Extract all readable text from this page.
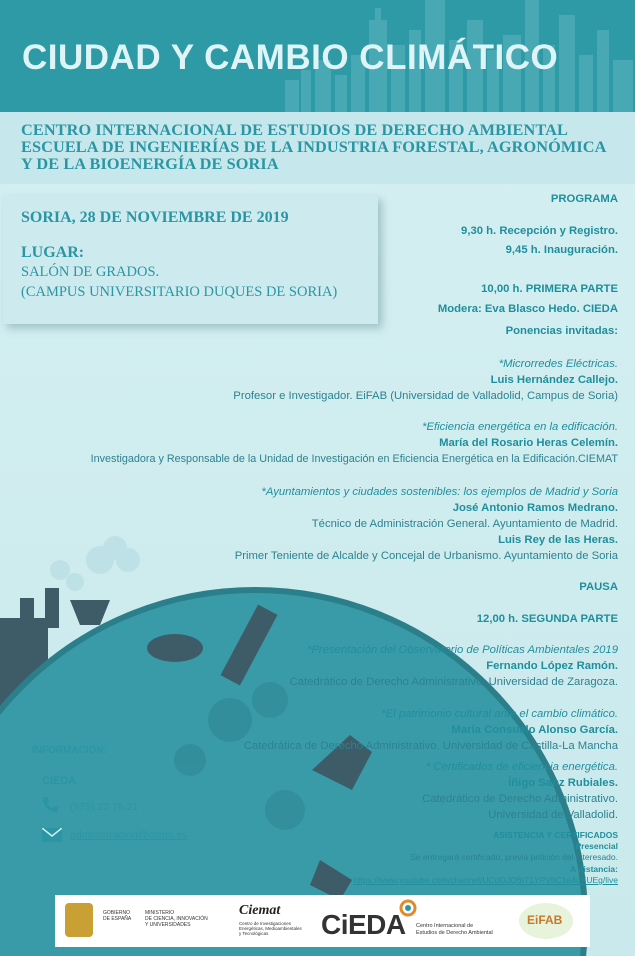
CIUDAD Y CAMBIO CLIMÁTICO
CENTRO INTERNACIONAL DE ESTUDIOS DE DERECHO AMBIENTAL
ESCUELA DE INGENIERÍAS DE LA INDUSTRIA FORESTAL, AGRONÓMICA
Y DE LA BIOENERGÍA DE SORIA
SORIA, 28 DE NOVIEMBRE DE 2019
LUGAR:
SALÓN DE GRADOS.
(CAMPUS UNIVERSITARIO DUQUES DE SORIA)
PROGRAMA
9,30 h. Recepción y Registro.
9,45 h. Inauguración.
10,00 h. PRIMERA PARTE
Modera: Eva Blasco Hedo. CIEDA
Ponencias invitadas:
*Microrredes Eléctricas.
Luis Hernández Callejo.
Profesor e Investigador. EiFAB (Universidad de Valladolid, Campus de Soria)
*Eficiencia energética en la edificación.
María del Rosario Heras Celemín.
Investigadora y Responsable de la Unidad de Investigación en Eficiencia Energética en la Edificación.CIEMAT
*Ayuntamientos y ciudades sostenibles: los ejemplos de Madrid y Soria
José Antonio Ramos Medrano.
Técnico de Administración General. Ayuntamiento de Madrid.
Luis Rey de las Heras.
Primer Teniente de Alcalde y Concejal de Urbanismo. Ayuntamiento de Soria
PAUSA
12,00 h. SEGUNDA PARTE
*Presentación del Observatorio de Políticas Ambientales 2019
Fernando López Ramón.
Catedrático de Derecho Administrativo. Universidad de Zaragoza.
*El patrimonio cultural ante el cambio climático.
María Consuelo Alonso García.
Catedrática de Derecho Administrativo. Universidad de Castilla-La Mancha
* Certificados de eficiencia energética.
Íñigo Sanz Rubiales.
Catedrático de Derecho Administrativo.
Universidad de Valladolid.
ASISTENCIA Y CERTIFICADOS
Presencial
Se entregará certificado, previa petición del interesado.
A distancia:
https://www.youtube.com/channel/UCdOJQ6tT1YPVIIC1e4dXUEg/live
INFORMACIÓN:
CIEDA
(975) 22 76 21
administracion@cieda.es
GOBIERNO
DE ESPAÑA
MINISTERIO
DE CIENCIA, INNOVACIÓN
Y UNIVERSIDADES
Ciemat
Centro de Investigaciones
Energéticas, Medioambientales
y Tecnológicas	CiEDA Centro Internacional de
Estudios de Derecho Ambiental
EiFAB
